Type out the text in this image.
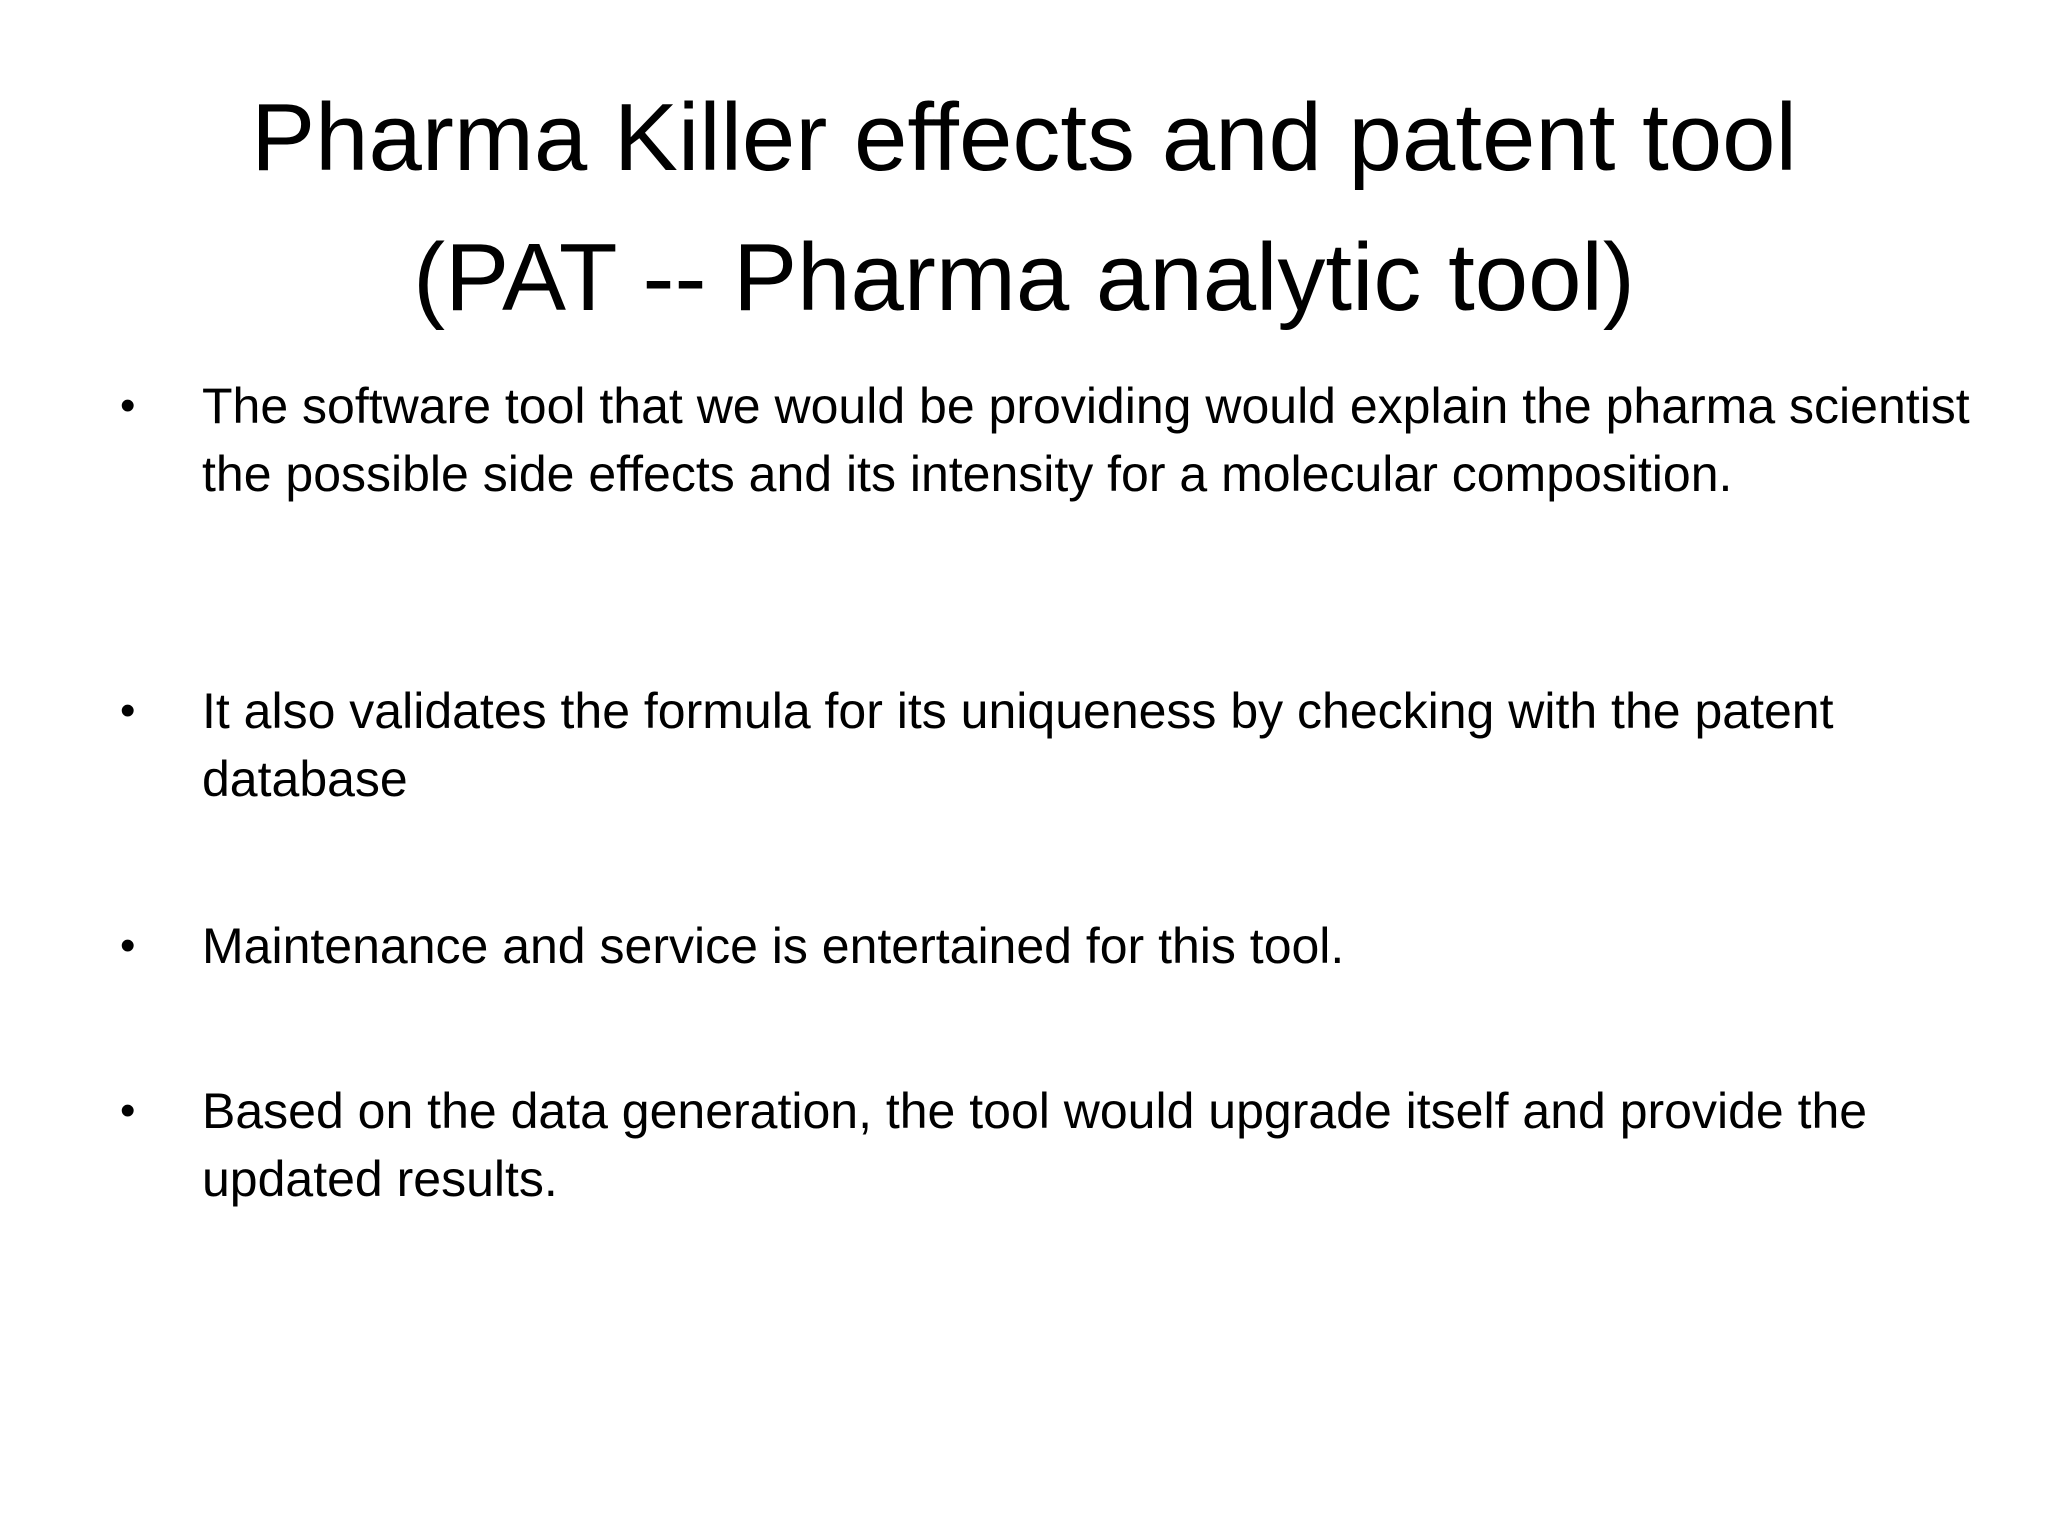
Pharma Killer effects and patent tool
(PAT -- Pharma analytic tool)
•	The software tool that we would be providing would explain the pharma scientist the possible side effects and its intensity for a molecular composition.
•	It also validates the formula for its uniqueness by checking with the patent database
•	Maintenance and service is entertained for this tool.
•	Based on the data generation, the tool would upgrade itself and provide the updated results.
